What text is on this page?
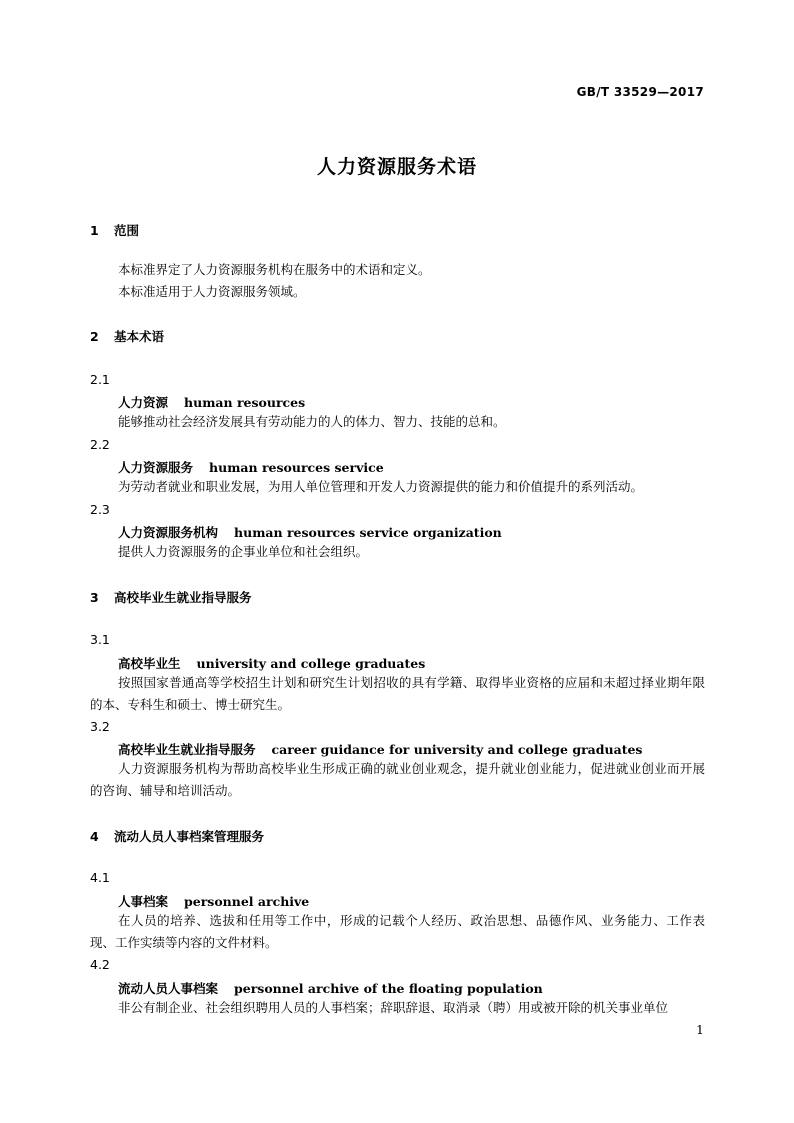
GB/T 33529—2017
人力资源服务术语
1 范围
本标准界定了人力资源服务机构在服务中的术语和定义。
本标准适用于人力资源服务领域。
2 基本术语
2.1
人力资源 human resources
能够推动社会经济发展具有劳动能力的人的体力、智力、技能的总和。
2.2
人力资源服务 human resources service
为劳动者就业和职业发展，为用人单位管理和开发人力资源提供的能力和价值提升的系列活动。
2.3
人力资源服务机构 human resources service organization
提供人力资源服务的企事业单位和社会组织。
3 高校毕业生就业指导服务
3.1
高校毕业生 university and college graduates
按照国家普通高等学校招生计划和研究生计划招收的具有学籍、取得毕业资格的应届和未超过择业期年限的本、专科生和硕士、博士研究生。
3.2
高校毕业生就业指导服务 career guidance for university and college graduates
人力资源服务机构为帮助高校毕业生形成正确的就业创业观念，提升就业创业能力，促进就业创业而开展的咨询、辅导和培训活动。
4 流动人员人事档案管理服务
4.1
人事档案 personnel archive
在人员的培养、选拔和任用等工作中，形成的记载个人经历、政治思想、品德作风、业务能力、工作表现、工作实绩等内容的文件材料。
4.2
流动人员人事档案 personnel archive of the floating population
非公有制企业、社会组织聘用人员的人事档案；辞职辞退、取消录（聘）用或被开除的机关事业单位
1
